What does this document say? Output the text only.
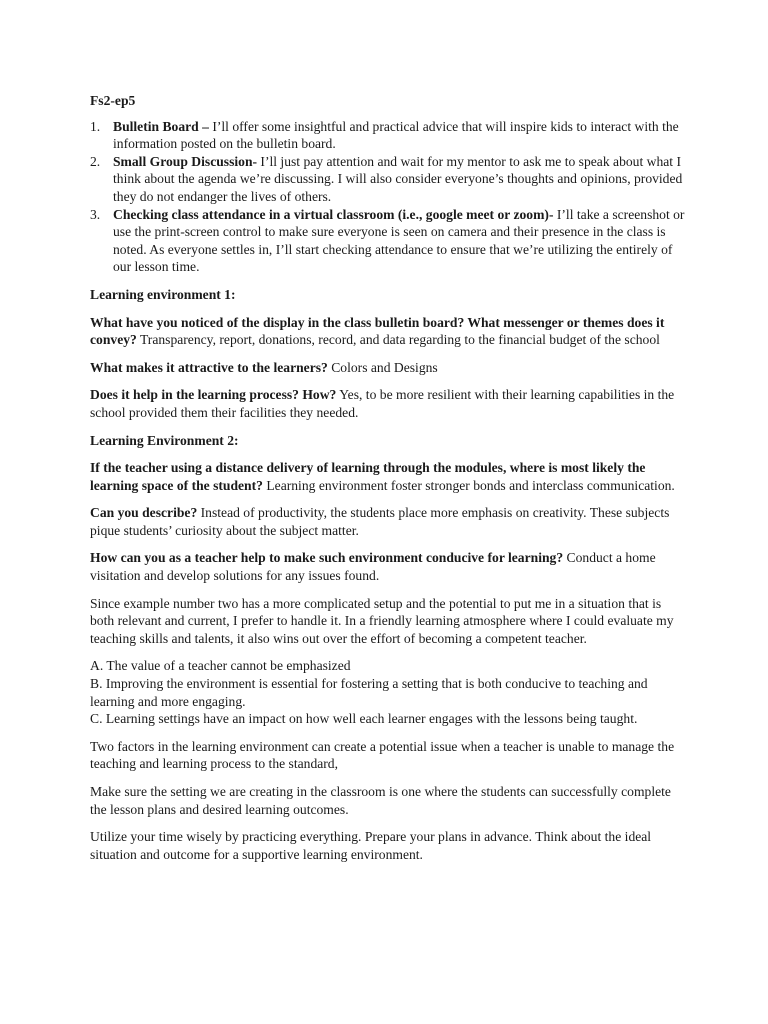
Fs2-ep5

1. Bulletin Board – I’ll offer some insightful and practical advice that will inspire kids to interact with the information posted on the bulletin board.
2. Small Group Discussion- I’ll just pay attention and wait for my mentor to ask me to speak about what I think about the agenda we’re discussing. I will also consider everyone’s thoughts and opinions, provided they do not endanger the lives of others.
3. Checking class attendance in a virtual classroom (i.e., google meet or zoom)- I’ll take a screenshot or use the print-screen control to make sure everyone is seen on camera and their presence in the class is noted. As everyone settles in, I’ll start checking attendance to ensure that we’re utilizing the entirely of our lesson time.

Learning environment 1:

What have you noticed of the display in the class bulletin board? What messenger or themes does it convey? Transparency, report, donations, record, and data regarding to the financial budget of the school

What makes it attractive to the learners? Colors and Designs

Does it help in the learning process? How? Yes, to be more resilient with their learning capabilities in the school provided them their facilities they needed.

Learning Environment 2:

If the teacher using a distance delivery of learning through the modules, where is most likely the learning space of the student? Learning environment foster stronger bonds and interclass communication.

Can you describe? Instead of productivity, the students place more emphasis on creativity. These subjects pique students’ curiosity about the subject matter.

How can you as a teacher help to make such environment conducive for learning? Conduct a home visitation and develop solutions for any issues found.

Since example number two has a more complicated setup and the potential to put me in a situation that is both relevant and current, I prefer to handle it. In a friendly learning atmosphere where I could evaluate my teaching skills and talents, it also wins out over the effort of becoming a competent teacher.

A. The value of a teacher cannot be emphasized

B. Improving the environment is essential for fostering a setting that is both conducive to teaching and learning and more engaging.

C. Learning settings have an impact on how well each learner engages with the lessons being taught.

Two factors in the learning environment can create a potential issue when a teacher is unable to manage the teaching and learning process to the standard,

Make sure the setting we are creating in the classroom is one where the students can successfully complete the lesson plans and desired learning outcomes.

Utilize your time wisely by practicing everything. Prepare your plans in advance. Think about the ideal situation and outcome for a supportive learning environment.
